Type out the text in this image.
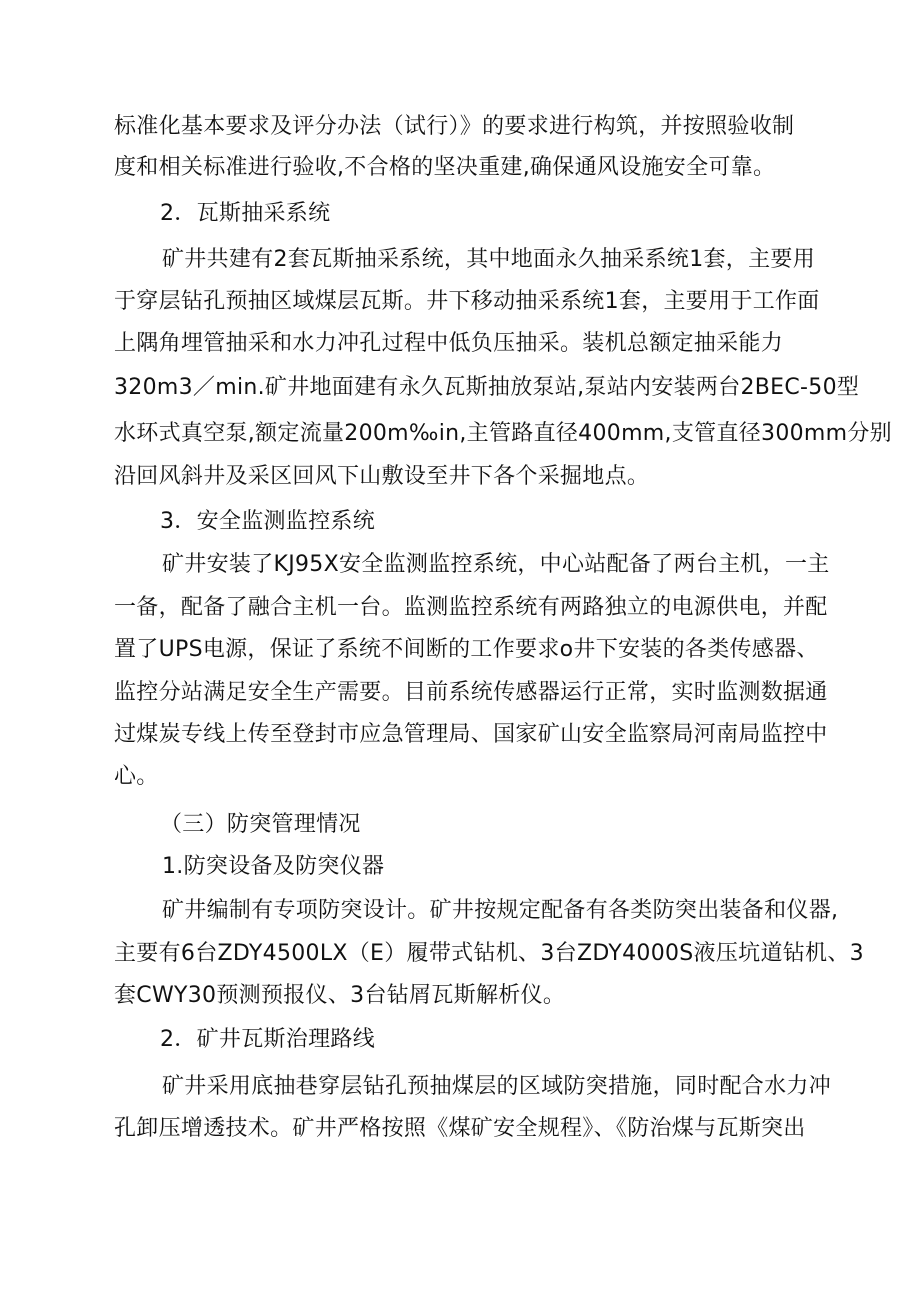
标准化基本要求及评分办法（试行）》的要求进行构筑，并按照验收制
度和相关标准进行验收,不合格的坚决重建,确保通风设施安全可靠。
2．瓦斯抽采系统
矿井共建有2套瓦斯抽采系统，其中地面永久抽采系统1套，主要用
于穿层钻孔预抽区域煤层瓦斯。井下移动抽采系统1套，主要用于工作面
上隅角埋管抽采和水力冲孔过程中低负压抽采。装机总额定抽采能力
320m3／min.矿井地面建有永久瓦斯抽放泵站,泵站内安装两台2BEC-50型
水环式真空泵,额定流量200m‰in,主管路直径400mm,支管直径300mm分别
沿回风斜井及采区回风下山敷设至井下各个采掘地点。
3．安全监测监控系统
矿井安装了KJ95X安全监测监控系统，中心站配备了两台主机，一主
一备，配备了融合主机一台。监测监控系统有两路独立的电源供电，并配
置了UPS电源，保证了系统不间断的工作要求o井下安装的各类传感器、
监控分站满足安全生产需要。目前系统传感器运行正常，实时监测数据通
过煤炭专线上传至登封市应急管理局、国家矿山安全监察局河南局监控中
心。
（三）防突管理情况
1.防突设备及防突仪器
矿井编制有专项防突设计。矿井按规定配备有各类防突出装备和仪器,
主要有6台ZDY4500LX（E）履带式钻机、3台ZDY4000S液压坑道钻机、3
套CWY30预测预报仪、3台钻屑瓦斯解析仪。
2．矿井瓦斯治理路线
矿井采用底抽巷穿层钻孔预抽煤层的区域防突措施，同时配合水力冲
孔卸压增透技术。矿井严格按照《煤矿安全规程》、《防治煤与瓦斯突出
